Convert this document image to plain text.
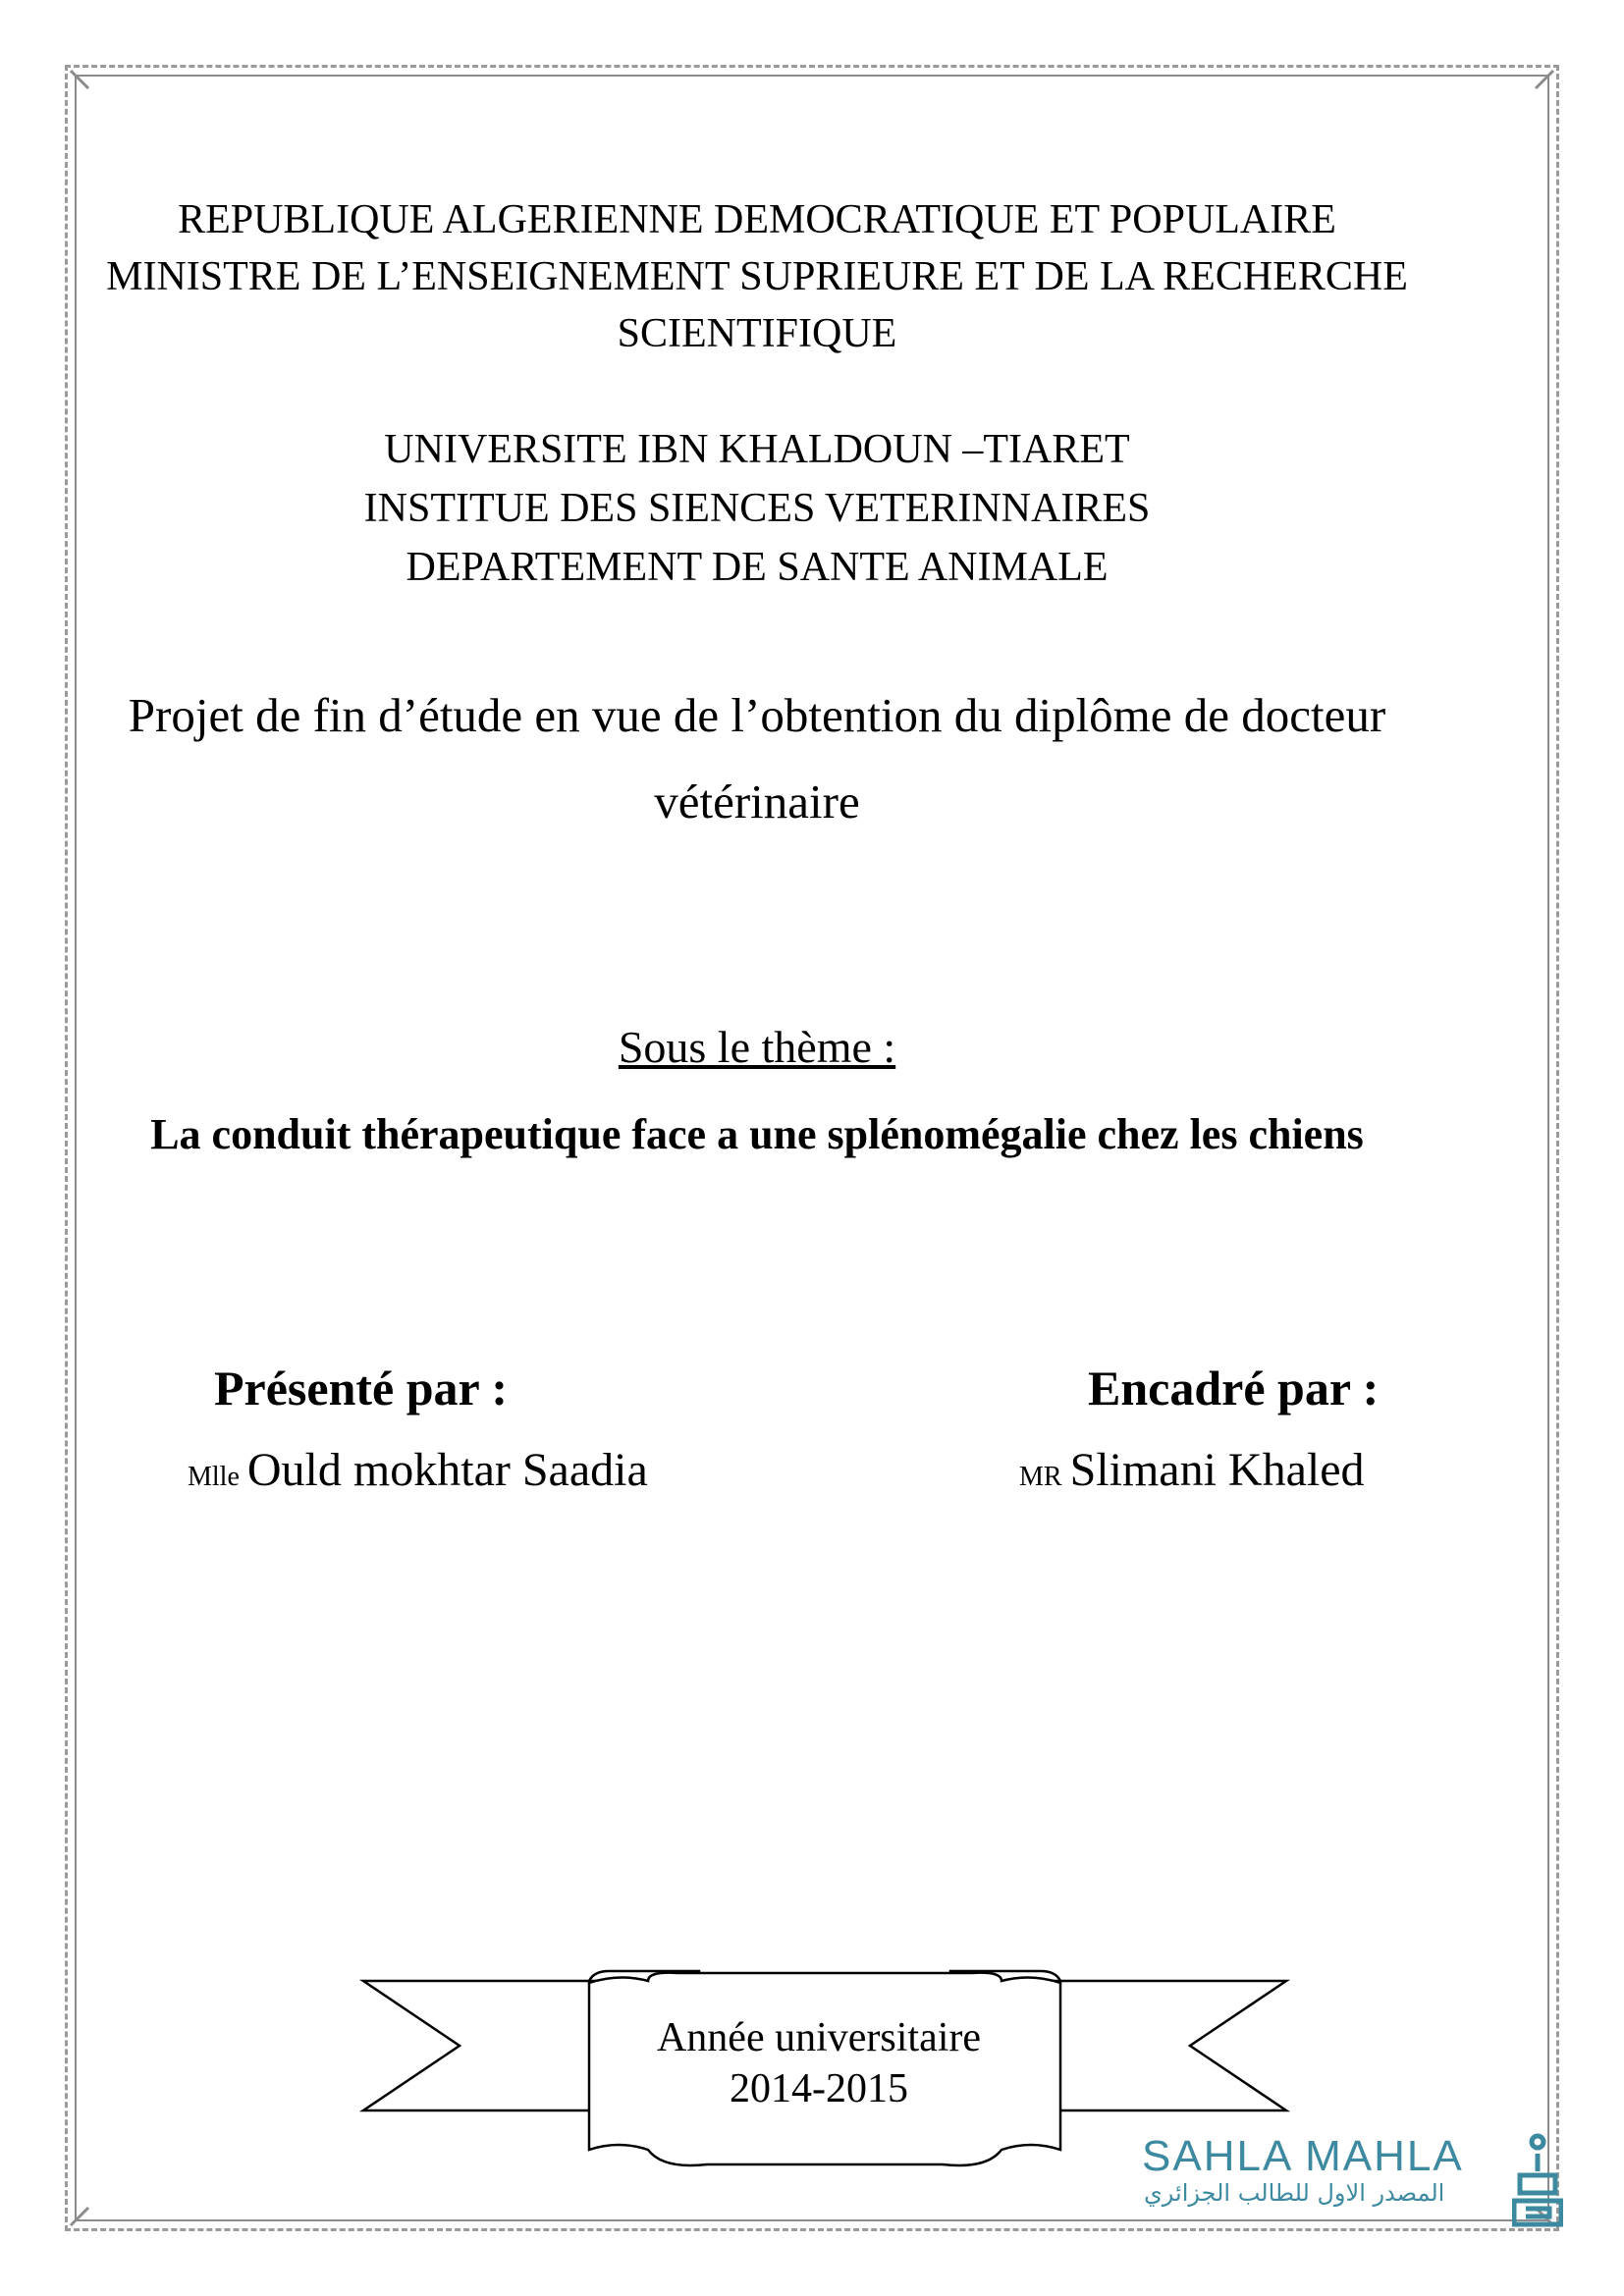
REPUBLIQUE ALGERIENNE DEMOCRATIQUE ET POPULAIRE
MINISTRE DE L’ENSEIGNEMENT SUPRIEURE ET DE LA RECHERCHE
SCIENTIFIQUE
UNIVERSITE IBN KHALDOUN –TIARET
INSTITUE DES SIENCES VETERINNAIRES
DEPARTEMENT DE SANTE ANIMALE
Projet de fin d’étude en vue de l’obtention du diplôme de docteur
vétérinaire
Sous le thème :
La conduit thérapeutique face a une splénomégalie chez les chiens
Présenté par :	Encadré par :
Mlle Ould mokhtar Saadia	MR Slimani Khaled
Année universitaire
2014-2015
SAHLA MAHLA
المصدر الاول للطالب الجزائري
